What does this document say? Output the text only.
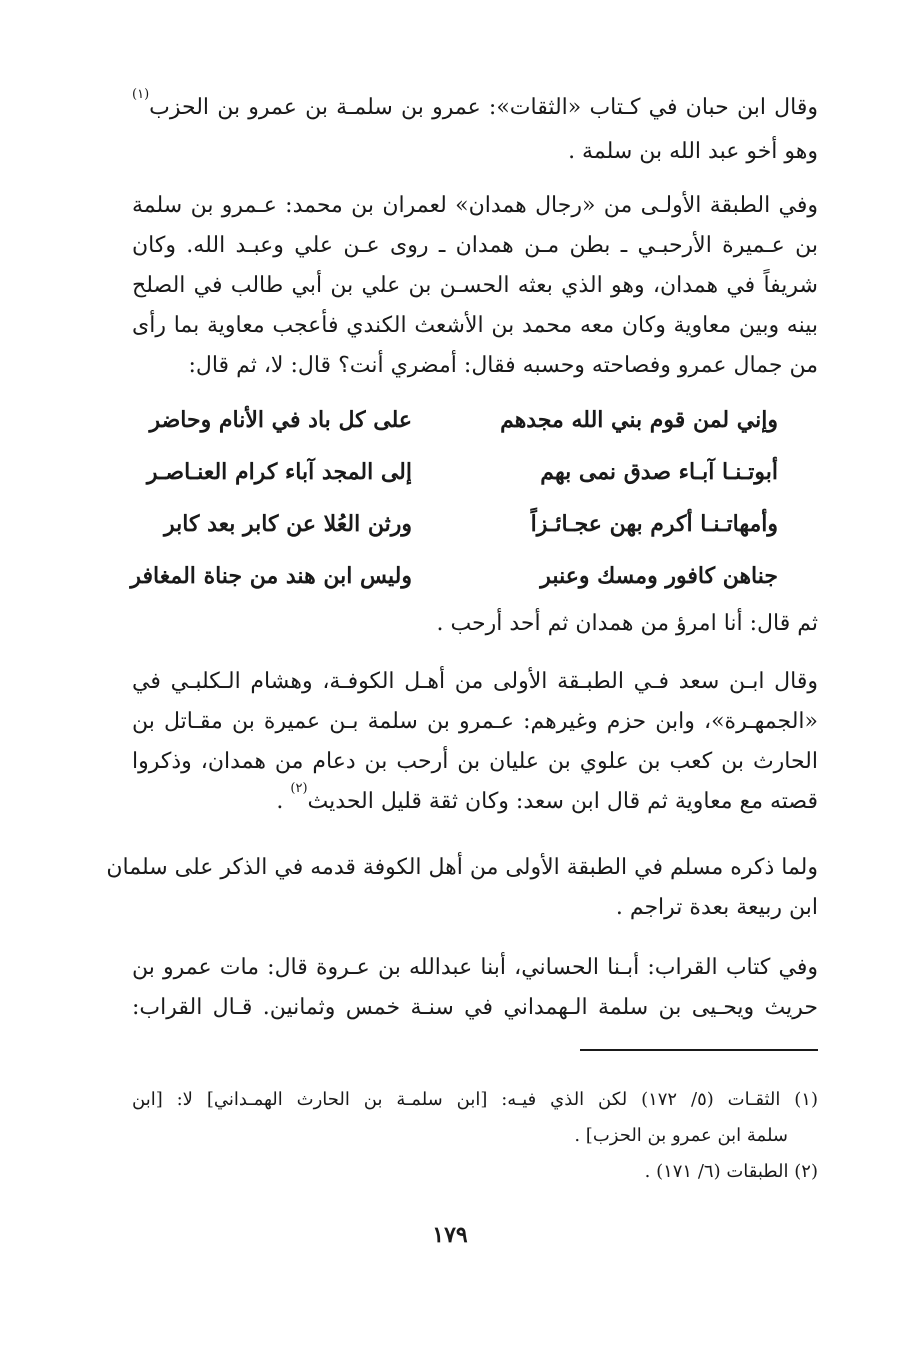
وقال ابن حبان في كـتاب «الثقات»: عمرو بن سلمـة بن عمرو بن الحزب$^{(١)}$
وهو أخو عبد الله بن سلمة .
وفي الطبقة الأولـى من «رجال همدان» لعمران بن محمد: عـمرو بن سلمة
بن عـميرة الأرحبـي ـ بطن مـن همدان ـ روى عـن علي وعبـد الله. وكان
شريفاً في همدان، وهو الذي بعثه الحسـن بن علي بن أبي طالب في الصلح
بينه وبين معاوية وكان معه محمد بن الأشعث الكندي فأعجب معاوية بما رأى
من جمال عمرو وفصاحته وحسبه فقال: أمضري أنت؟ قال: لا، ثم قال:
وإني لمن قوم بني الله مجدهم
على كل باد في الأنام وحاضر
أبوتـنـا آبـاء صدق نمى بهم
إلى المجد آباء كرام العنـاصـر
وأمهاتـنـا أكرم بهن عجـائـزاً
ورثن العُلا عن كابر بعد كابر
جناهن كافور ومسك وعنبر
وليس ابن هند من جناة المغافر
ثم قال: أنا امرؤ من همدان ثم أحد أرحب .
وقال ابـن سعد فـي الطبـقة الأولى من أهـل الكوفـة، وهشام الـكلبـي في
«الجمهـرة»، وابن حزم وغيرهم: عـمرو بن سلمة بـن عميرة بن مقـاتل بن
الحارث بن كعب بن علوي بن عليان بن أرحب بن دعام من همدان، وذكروا
قصته مع معاوية ثم قال ابن سعد: وكان ثقة قليل الحديث$^{(٢)}$ .
ولما ذكره مسلم في الطبقة الأولى من أهل الكوفة قدمه في الذكر على سلمان
ابن ربيعة بعدة تراجم .
وفي كتاب القراب: أبـنا الحساني، أبنا عبدالله بن عـروة قال: مات عمرو بن
حريث ويحـيى بن سلمة الـهمداني في سنـة خمس وثمانين. قـال القراب:
(١) الثقـات (٥/ ١٧٢) لكن الذي فيـه: [ابن سلمـة بن الحارث الهمـداني] لا: [ابن
سلمة ابن عمرو بن الحزب] .
(٢) الطبقات (٦/ ١٧١) .
١٧٩
